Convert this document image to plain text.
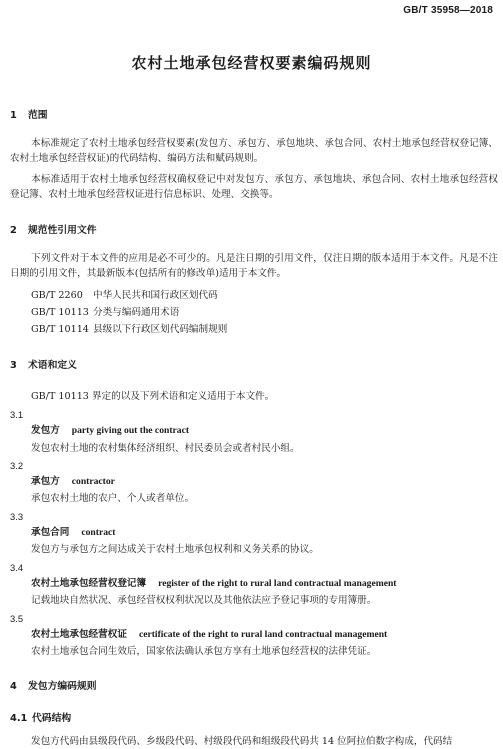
GB/T 35958—2018
农村土地承包经营权要素编码规则
1 范围
本标准规定了农村土地承包经营权要素(发包方、承包方、承包地块、承包合同、农村土地承包经营权登记簿、农村土地承包经营权证)的代码结构、编码方法和赋码规则。
本标准适用于农村土地承包经营权确权登记中对发包方、承包方、承包地块、承包合同、农村土地承包经营权登记簿、农村土地承包经营权证进行信息标识、处理、交换等。
2 规范性引用文件
下列文件对于本文件的应用是必不可少的。凡是注日期的引用文件，仅注日期的版本适用于本文件。凡是不注日期的引用文件，其最新版本(包括所有的修改单)适用于本文件。
GB/T 2260 中华人民共和国行政区划代码
GB/T 10113 分类与编码通用术语
GB/T 10114 县级以下行政区划代码编制规则
3 术语和定义
GB/T 10113 界定的以及下列术语和定义适用于本文件。
3.1
发包方 party giving out the contract
发包农村土地的农村集体经济组织、村民委员会或者村民小组。
3.2
承包方 contractor
承包农村土地的农户、个人或者单位。
3.3
承包合同 contract
发包方与承包方之间达成关于农村土地承包权利和义务关系的协议。
3.4
农村土地承包经营权登记簿 register of the right to rural land contractual management
记载地块自然状况、承包经营权权利状况以及其他依法应予登记事项的专用簿册。
3.5
农村土地承包经营权证 certificate of the right to rural land contractual management
农村土地承包合同生效后，国家依法确认承包方享有土地承包经营权的法律凭证。
4 发包方编码规则
4.1 代码结构
发包方代码由县级段代码、乡级段代码、村级段代码和组级段代码共 14 位阿拉伯数字构成，代码结
